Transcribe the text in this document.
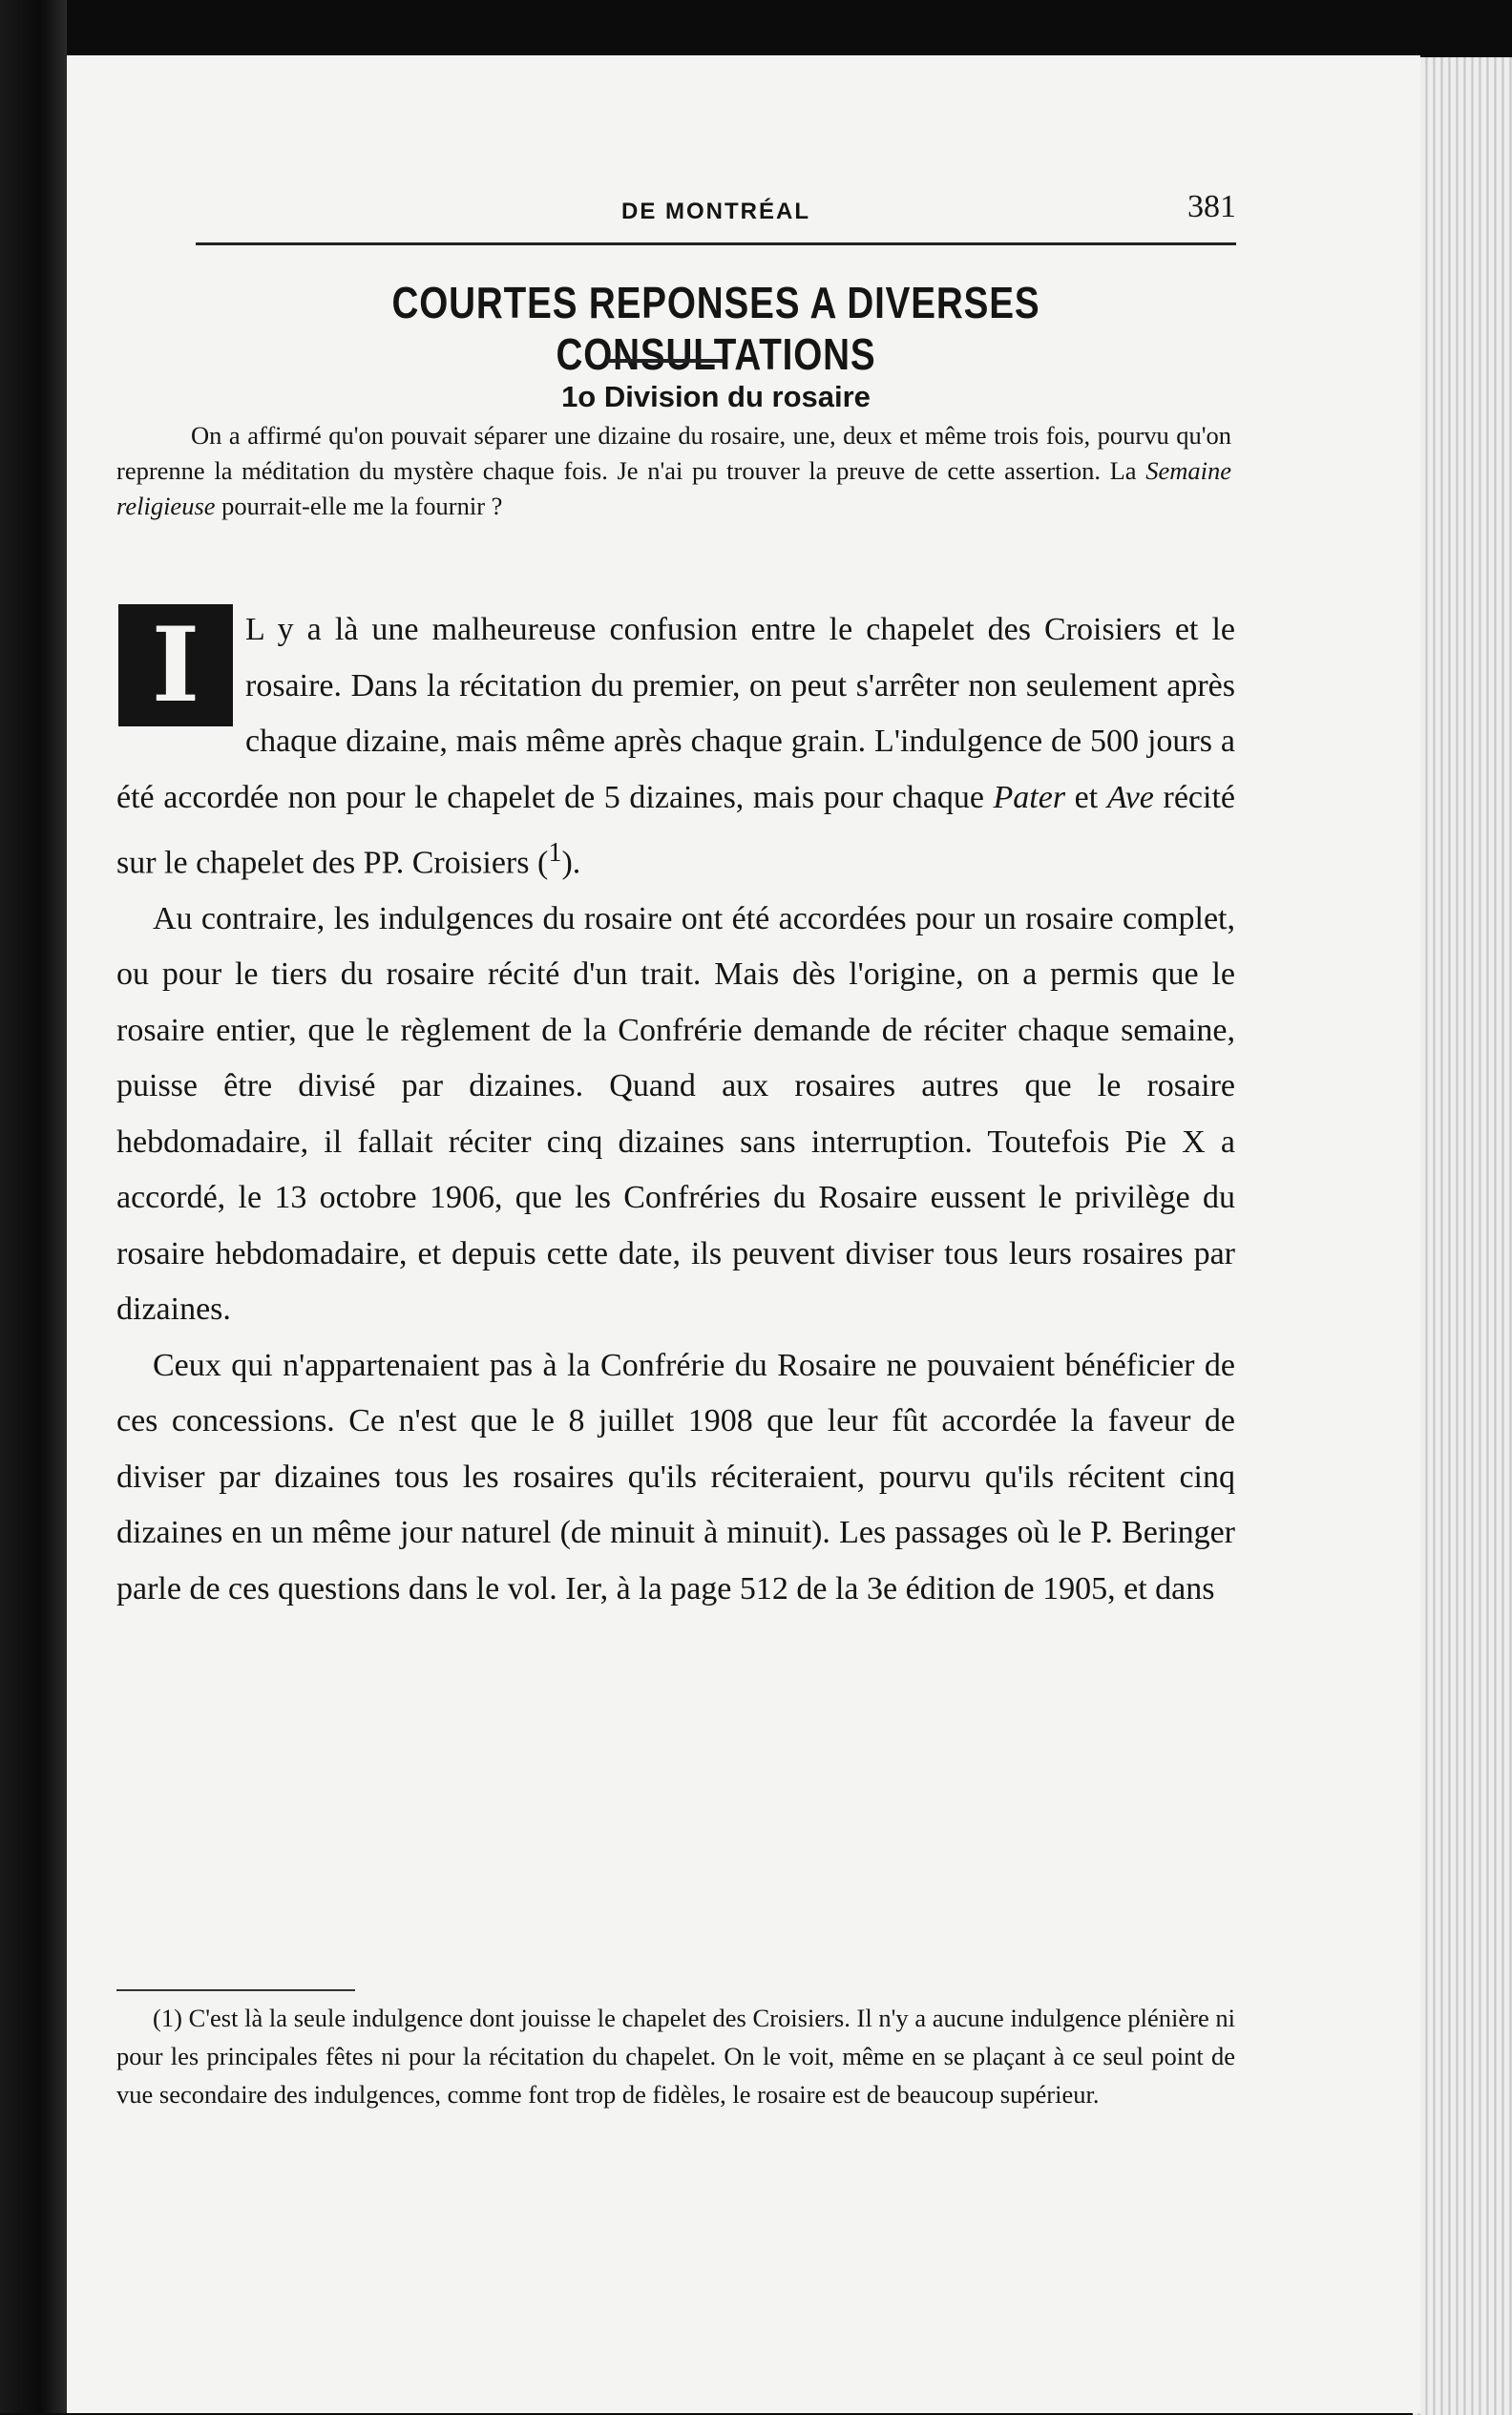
DE MONTRÉAL	381
COURTES REPONSES A DIVERSES CONSULTATIONS
1o Division du rosaire
On a affirmé qu'on pouvait séparer une dizaine du rosaire, une, deux et même trois fois, pourvu qu'on reprenne la méditation du mystère chaque fois. Je n'ai pu trouver la preuve de cette assertion. La Semaine religieuse pourrait-elle me la fournir ?
I	L y a là une malheureuse confusion entre le chapelet des Croisiers et le rosaire. Dans la récitation du premier, on peut s'arrêter non seulement après chaque dizaine, mais même après chaque grain. L'indulgence de 500 jours a été accordée non pour le chapelet de 5 dizaines, mais pour chaque Pater et Ave récité sur le chapelet des PP. Croisiers ($^1$).

Au contraire, les indulgences du rosaire ont été accordées pour un rosaire complet, ou pour le tiers du rosaire récité d'un trait. Mais dès l'origine, on a permis que le rosaire entier, que le règlement de la Confrérie demande de réciter chaque semaine, puisse être divisé par dizaines. Quand aux rosaires autres que le rosaire hebdomadaire, il fallait réciter cinq dizaines sans interruption. Toutefois Pie X a accordé, le 13 octobre 1906, que les Confréries du Rosaire eussent le privilège du rosaire hebdomadaire, et depuis cette date, ils peuvent diviser tous leurs rosaires par dizaines.

Ceux qui n'appartenaient pas à la Confrérie du Rosaire ne pouvaient bénéficier de ces concessions. Ce n'est que le 8 juillet 1908 que leur fût accordée la faveur de diviser par dizaines tous les rosaires qu'ils réciteraient, pourvu qu'ils récitent cinq dizaines en un même jour naturel (de minuit à minuit). Les passages où le P. Beringer parle de ces questions dans le vol. Ier, à la page 512 de la 3e édition de 1905, et dans

(1) C'est là la seule indulgence dont jouisse le chapelet des Croisiers. Il n'y a aucune indulgence plénière ni pour les principales fêtes ni pour la récitation du chapelet. On le voit, même en se plaçant à ce seul point de vue secondaire des indulgences, comme font trop de fidèles, le rosaire est de beaucoup supérieur.
